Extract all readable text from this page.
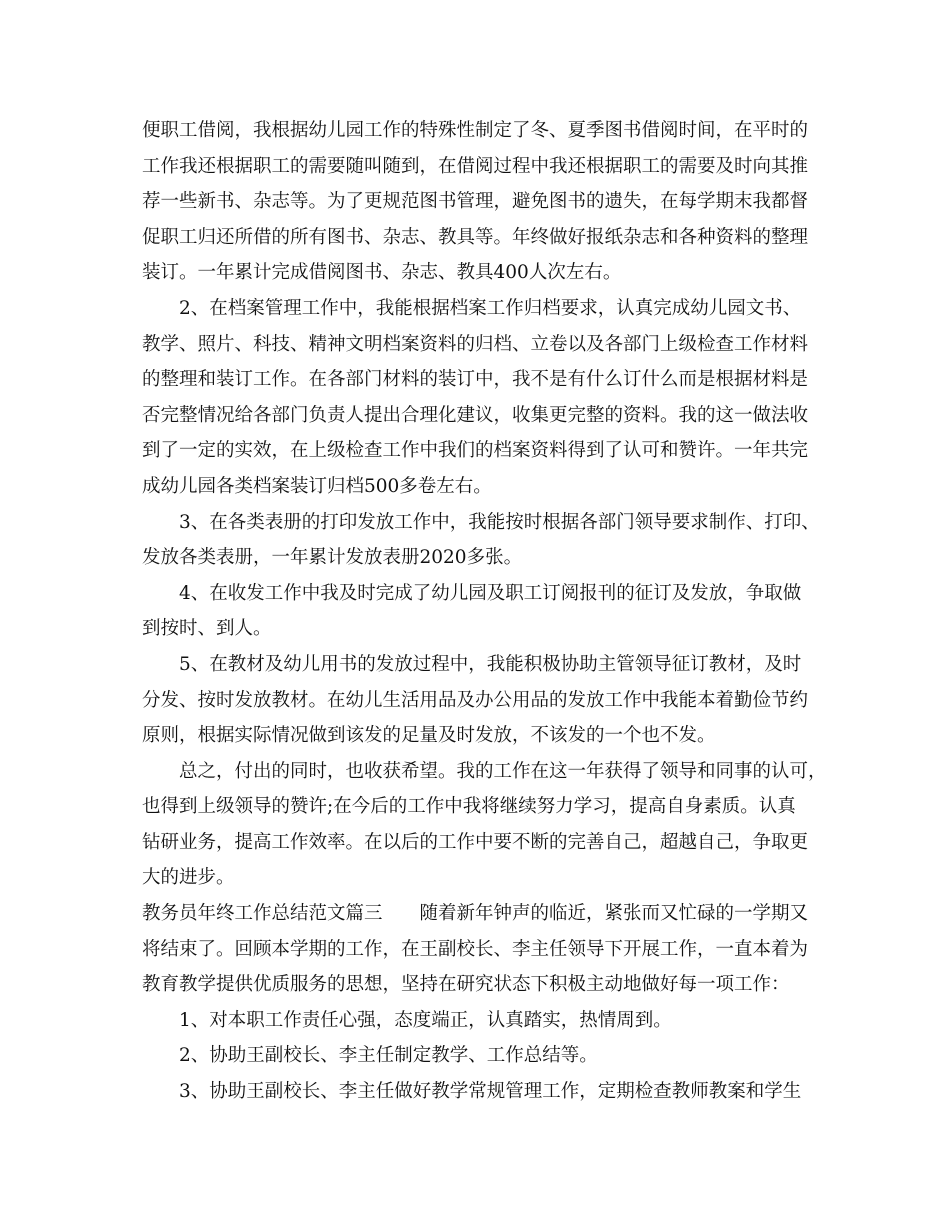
便职工借阅，我根据幼儿园工作的特殊性制定了冬、夏季图书借阅时间，在平时的
工作我还根据职工的需要随叫随到，在借阅过程中我还根据职工的需要及时向其推
荐一些新书、杂志等。为了更规范图书管理，避免图书的遗失，在每学期末我都督
促职工归还所借的所有图书、杂志、教具等。年终做好报纸杂志和各种资料的整理
装订。一年累计完成借阅图书、杂志、教具400人次左右。
2、在档案管理工作中，我能根据档案工作归档要求，认真完成幼儿园文书、
教学、照片、科技、精神文明档案资料的归档、立卷以及各部门上级检查工作材料
的整理和装订工作。在各部门材料的装订中，我不是有什么订什么而是根据材料是
否完整情况给各部门负责人提出合理化建议，收集更完整的资料。我的这一做法收
到了一定的实效，在上级检查工作中我们的档案资料得到了认可和赞许。一年共完
成幼儿园各类档案装订归档500多卷左右。
3、在各类表册的打印发放工作中，我能按时根据各部门领导要求制作、打印、
发放各类表册，一年累计发放表册2020多张。
4、在收发工作中我及时完成了幼儿园及职工订阅报刊的征订及发放，争取做
到按时、到人。
5、在教材及幼儿用书的发放过程中，我能积极协助主管领导征订教材，及时
分发、按时发放教材。在幼儿生活用品及办公用品的发放工作中我能本着勤俭节约
原则，根据实际情况做到该发的足量及时发放，不该发的一个也不发。
总之，付出的同时，也收获希望。我的工作在这一年获得了领导和同事的认可，
也得到上级领导的赞许;在今后的工作中我将继续努力学习，提高自身素质。认真
钻研业务，提高工作效率。在以后的工作中要不断的完善自己，超越自己，争取更
大的进步。
教务员年终工作总结范文篇三　　随着新年钟声的临近，紧张而又忙碌的一学期又
将结束了。回顾本学期的工作，在王副校长、李主任领导下开展工作，一直本着为
教育教学提供优质服务的思想，坚持在研究状态下积极主动地做好每一项工作：
1、对本职工作责任心强，态度端正，认真踏实，热情周到。
2、协助王副校长、李主任制定教学、工作总结等。
3、协助王副校长、李主任做好教学常规管理工作，定期检查教师教案和学生
